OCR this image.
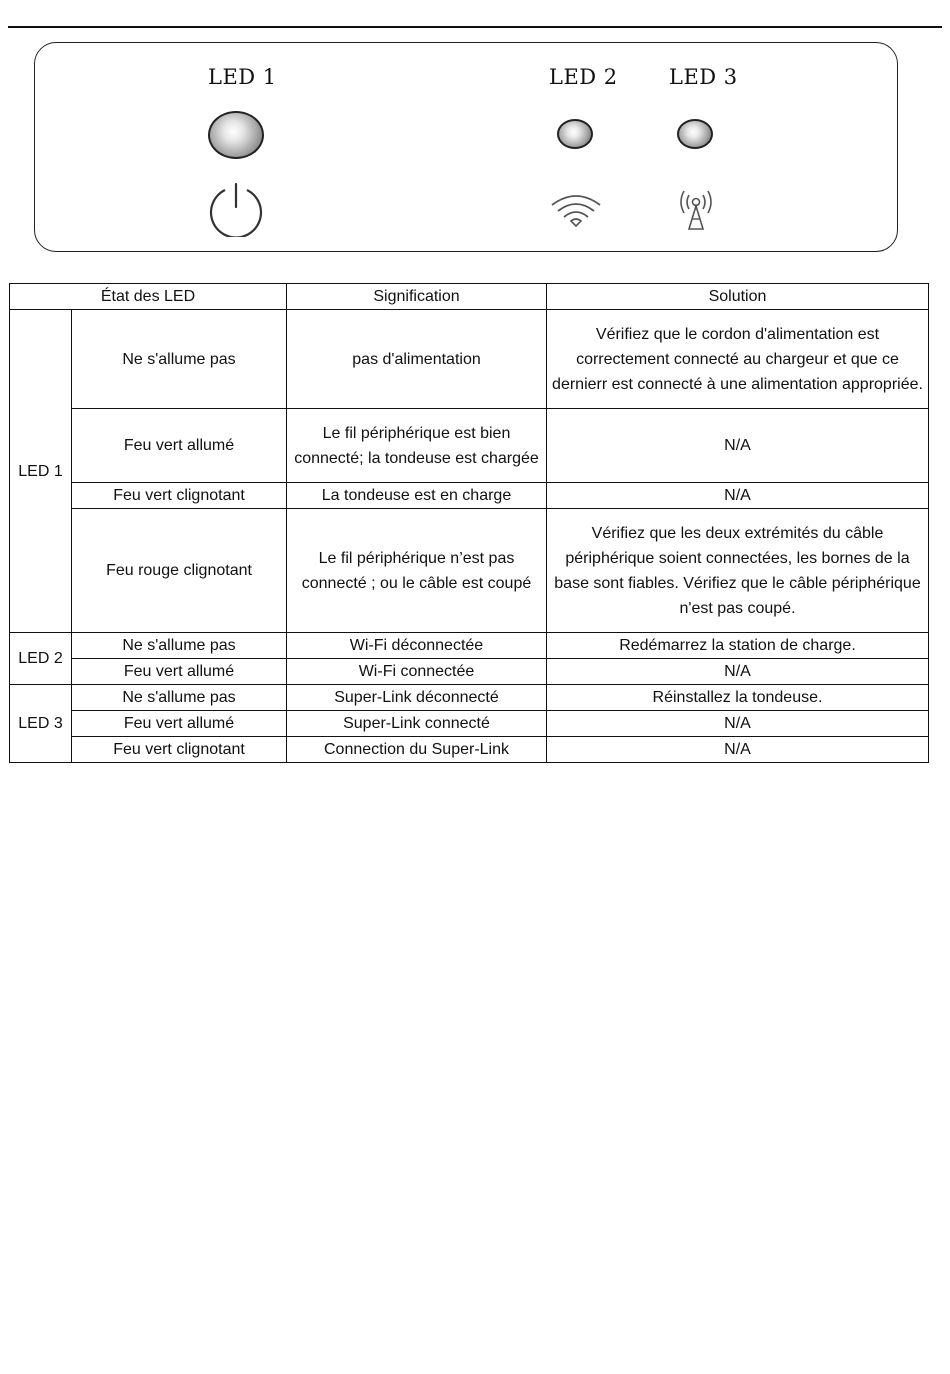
LED 1	LED 2 LED 3
État des LED		Signification	Solution
LED 1	Ne s'allume pas	pas d'alimentation	Vérifiez que le cordon d'alimentation est correctement connecté au chargeur et que ce dernierr est connecté à une alimentation appropriée.
	Feu vert allumé	Le fil périphérique est bien connecté; la tondeuse est chargée	N/A
	Feu vert clignotant	La tondeuse est en charge	N/A
	Feu rouge clignotant	Le fil périphérique n’est pas connecté ; ou le câble est coupé	Vérifiez que les deux extrémités du câble périphérique soient connectées, les bornes de la base sont fiables. Vérifiez que le câble périphérique n'est pas coupé.
LED 2	Ne s'allume pas	Wi-Fi déconnectée	Redémarrez la station de charge.
	Feu vert allumé	Wi-Fi connectée	N/A
LED 3	Ne s'allume pas	Super-Link déconnecté	Réinstallez la tondeuse.
	Feu vert allumé	Super-Link connecté	N/A
	Feu vert clignotant	Connection du Super-Link	N/A
